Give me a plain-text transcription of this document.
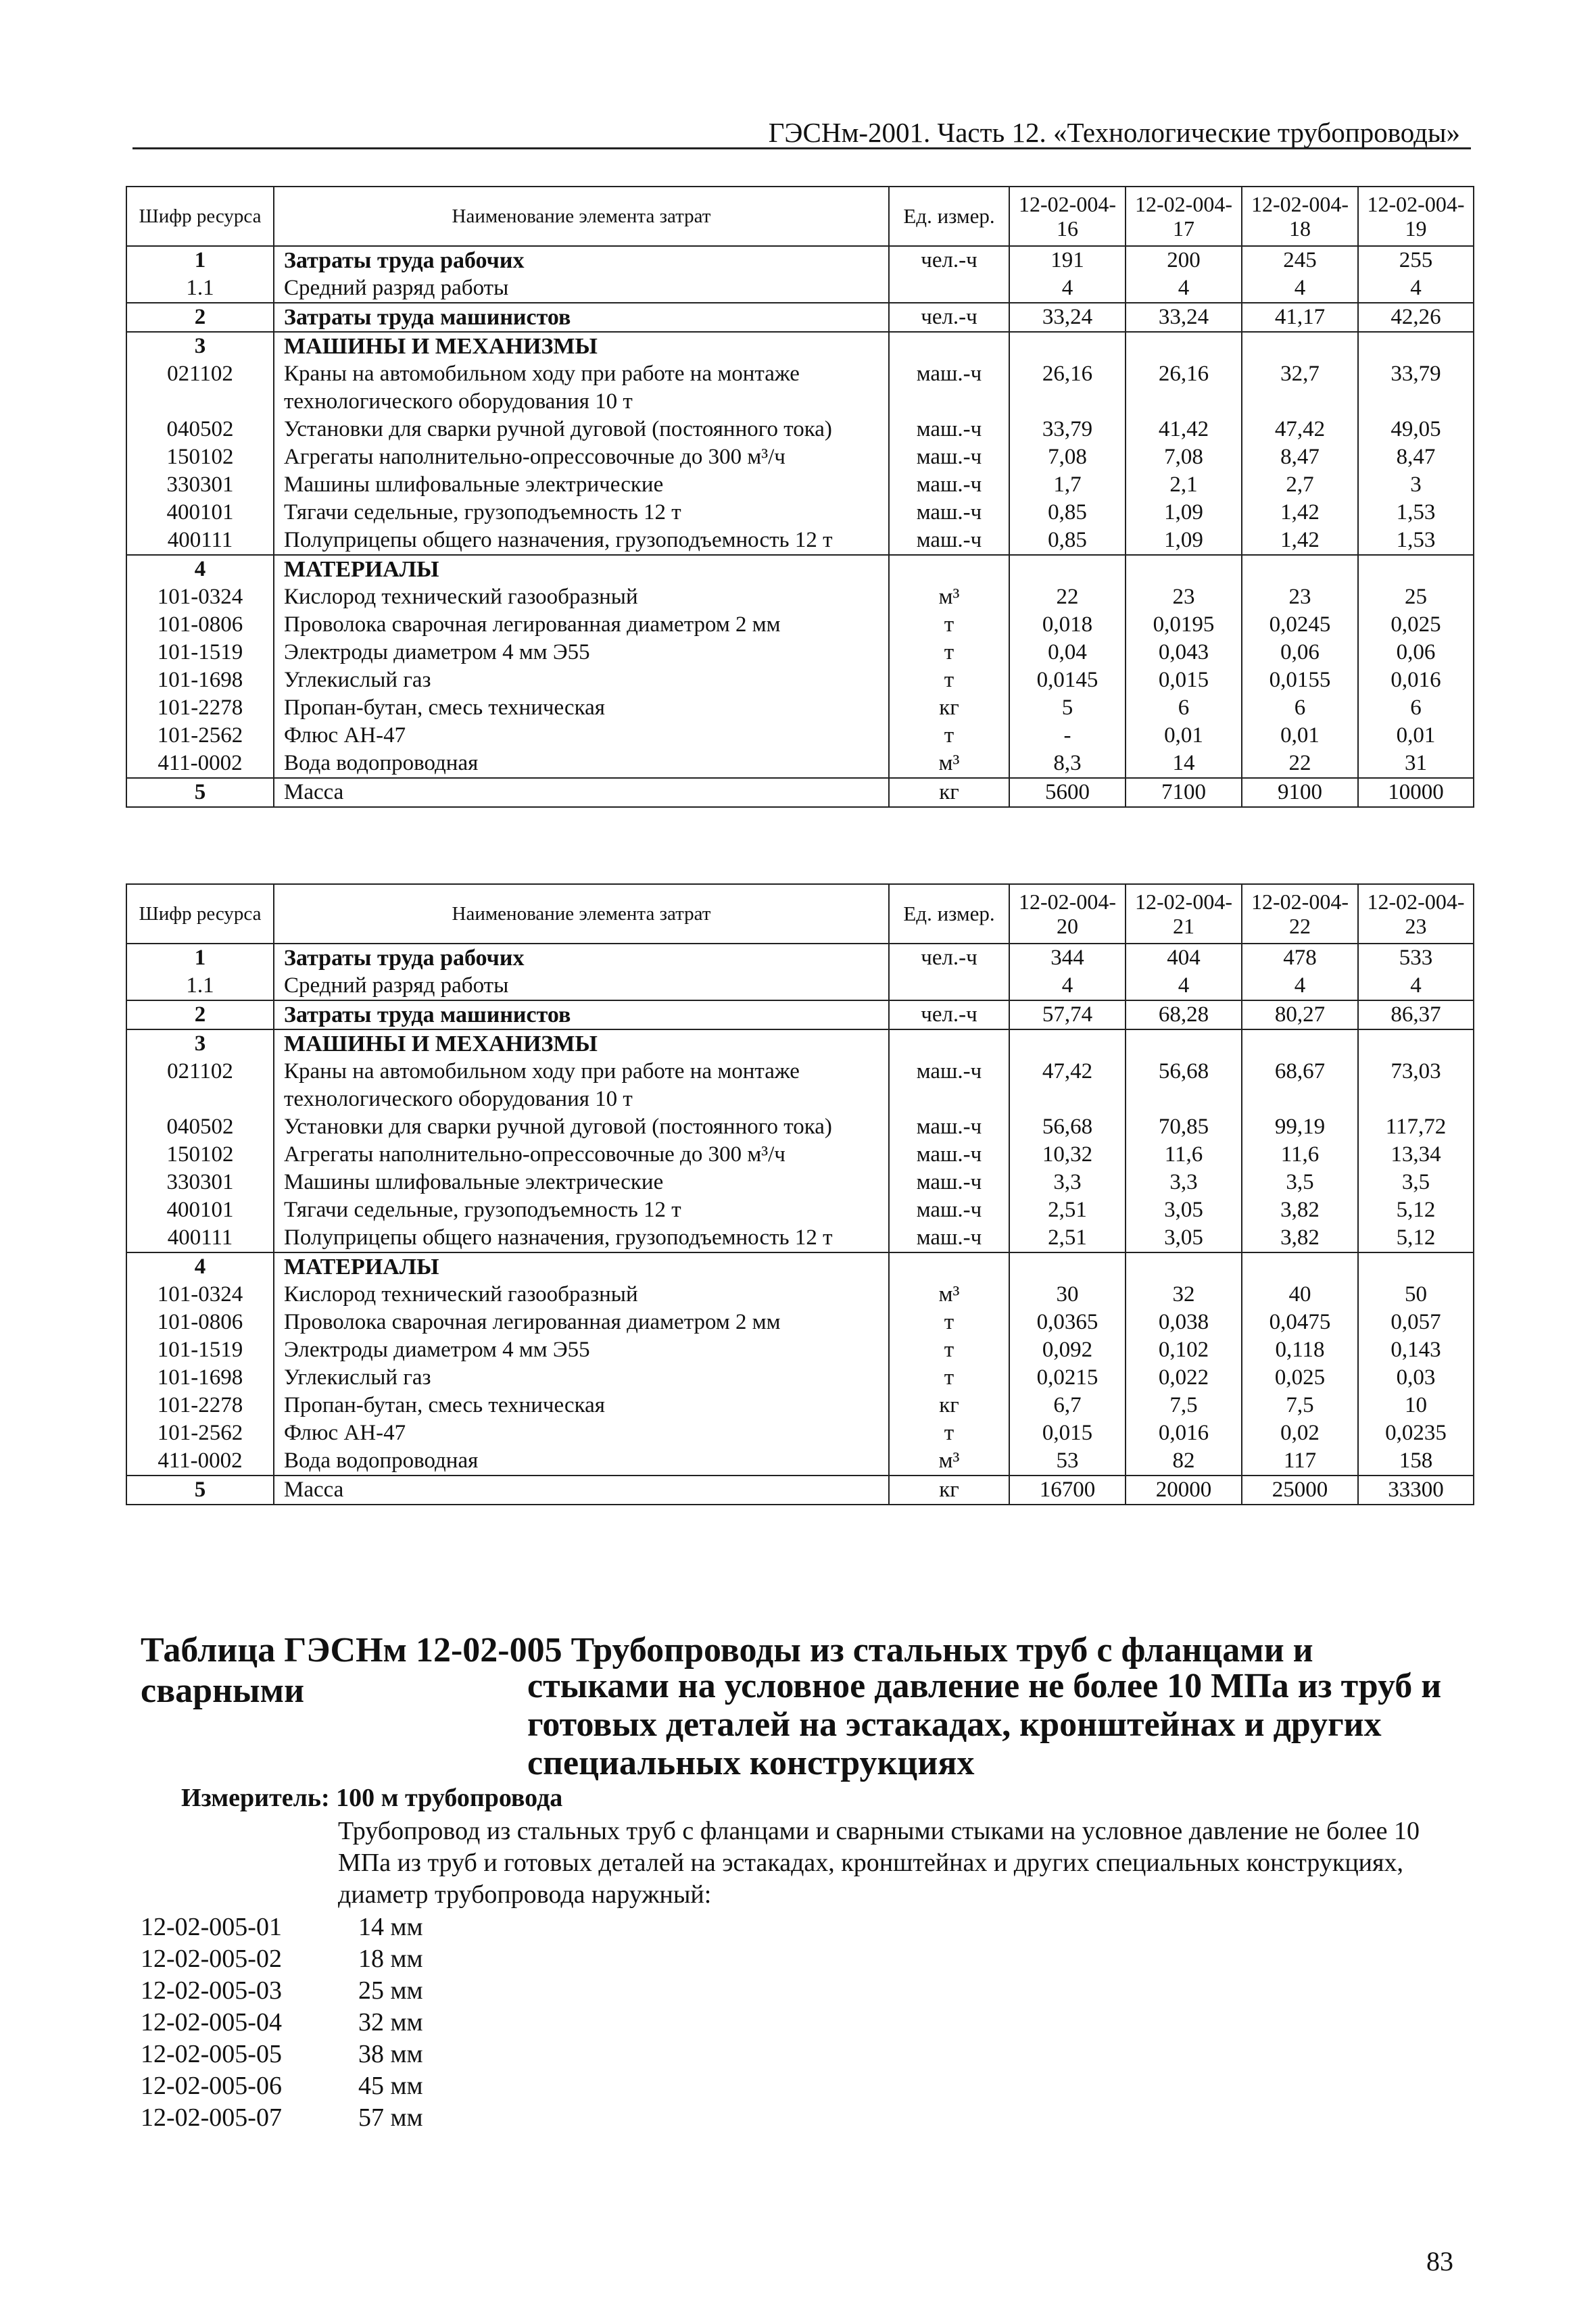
ГЭСНм-2001. Часть 12. «Технологические трубопроводы»
Шифр ресурса	Наименование элемента затрат	Ед. измер.	12-02-004-16	12-02-004-17	12-02-004-18	12-02-004-19
1	Затраты труда рабочих	чел.-ч	191	200	245	255
1.1	Средний разряд работы		4	4	4	4
2	Затраты труда машинистов	чел.-ч	33,24	33,24	41,17	42,26
3	МАШИНЫ И МЕХАНИЗМЫ					
021102	Краны на автомобильном ходу при работе на монтаже технологического оборудования 10 т	маш.-ч	26,16	26,16	32,7	33,79
040502	Установки для сварки ручной дуговой (постоянного тока)	маш.-ч	33,79	41,42	47,42	49,05
150102	Агрегаты наполнительно-опрессовочные до 300 м³/ч	маш.-ч	7,08	7,08	8,47	8,47
330301	Машины шлифовальные электрические	маш.-ч	1,7	2,1	2,7	3
400101	Тягачи седельные, грузоподъемность 12 т	маш.-ч	0,85	1,09	1,42	1,53
400111	Полуприцепы общего назначения, грузоподъемность 12 т	маш.-ч	0,85	1,09	1,42	1,53
4	МАТЕРИАЛЫ					
101-0324	Кислород технический газообразный	м³	22	23	23	25
101-0806	Проволока сварочная легированная диаметром 2 мм	т	0,018	0,0195	0,0245	0,025
101-1519	Электроды диаметром 4 мм Э55	т	0,04	0,043	0,06	0,06
101-1698	Углекислый газ	т	0,0145	0,015	0,0155	0,016
101-2278	Пропан-бутан, смесь техническая	кг	5	6	6	6
101-2562	Флюс АН-47	т	-	0,01	0,01	0,01
411-0002	Вода водопроводная	м³	8,3	14	22	31
5	Масса	кг	5600	7100	9100	10000
Шифр ресурса	Наименование элемента затрат	Ед. измер.	12-02-004-20	12-02-004-21	12-02-004-22	12-02-004-23
1	Затраты труда рабочих	чел.-ч	344	404	478	533
1.1	Средний разряд работы		4	4	4	4
2	Затраты труда машинистов	чел.-ч	57,74	68,28	80,27	86,37
3	МАШИНЫ И МЕХАНИЗМЫ					
021102	Краны на автомобильном ходу при работе на монтаже технологического оборудования 10 т	маш.-ч	47,42	56,68	68,67	73,03
040502	Установки для сварки ручной дуговой (постоянного тока)	маш.-ч	56,68	70,85	99,19	117,72
150102	Агрегаты наполнительно-опрессовочные до 300 м³/ч	маш.-ч	10,32	11,6	11,6	13,34
330301	Машины шлифовальные электрические	маш.-ч	3,3	3,3	3,5	3,5
400101	Тягачи седельные, грузоподъемность 12 т	маш.-ч	2,51	3,05	3,82	5,12
400111	Полуприцепы общего назначения, грузоподъемность 12 т	маш.-ч	2,51	3,05	3,82	5,12
4	МАТЕРИАЛЫ					
101-0324	Кислород технический газообразный	м³	30	32	40	50
101-0806	Проволока сварочная легированная диаметром 2 мм	т	0,0365	0,038	0,0475	0,057
101-1519	Электроды диаметром 4 мм Э55	т	0,092	0,102	0,118	0,143
101-1698	Углекислый газ	т	0,0215	0,022	0,025	0,03
101-2278	Пропан-бутан, смесь техническая	кг	6,7	7,5	7,5	10
101-2562	Флюс АН-47	т	0,015	0,016	0,02	0,0235
411-0002	Вода водопроводная	м³	53	82	117	158
5	Масса	кг	16700	20000	25000	33300
Таблица ГЭСНм 12-02-005 Трубопроводы из стальных труб с фланцами и сварными	стыками на условное давление не более 10 МПа из труб и готовых деталей на эстакадах, кронштейнах и других специальных конструкциях
Измеритель: 100 м трубопровода
Трубопровод из стальных труб с фланцами и сварными стыками на условное давление не более 10 МПа из труб и готовых деталей на эстакадах, кронштейнах и других специальных конструкциях, диаметр трубопровода наружный:
12-02-005-01	14 мм
12-02-005-02	18 мм
12-02-005-03	25 мм
12-02-005-04	32 мм
12-02-005-05	38 мм
12-02-005-06	45 мм
12-02-005-07	57 мм
83
